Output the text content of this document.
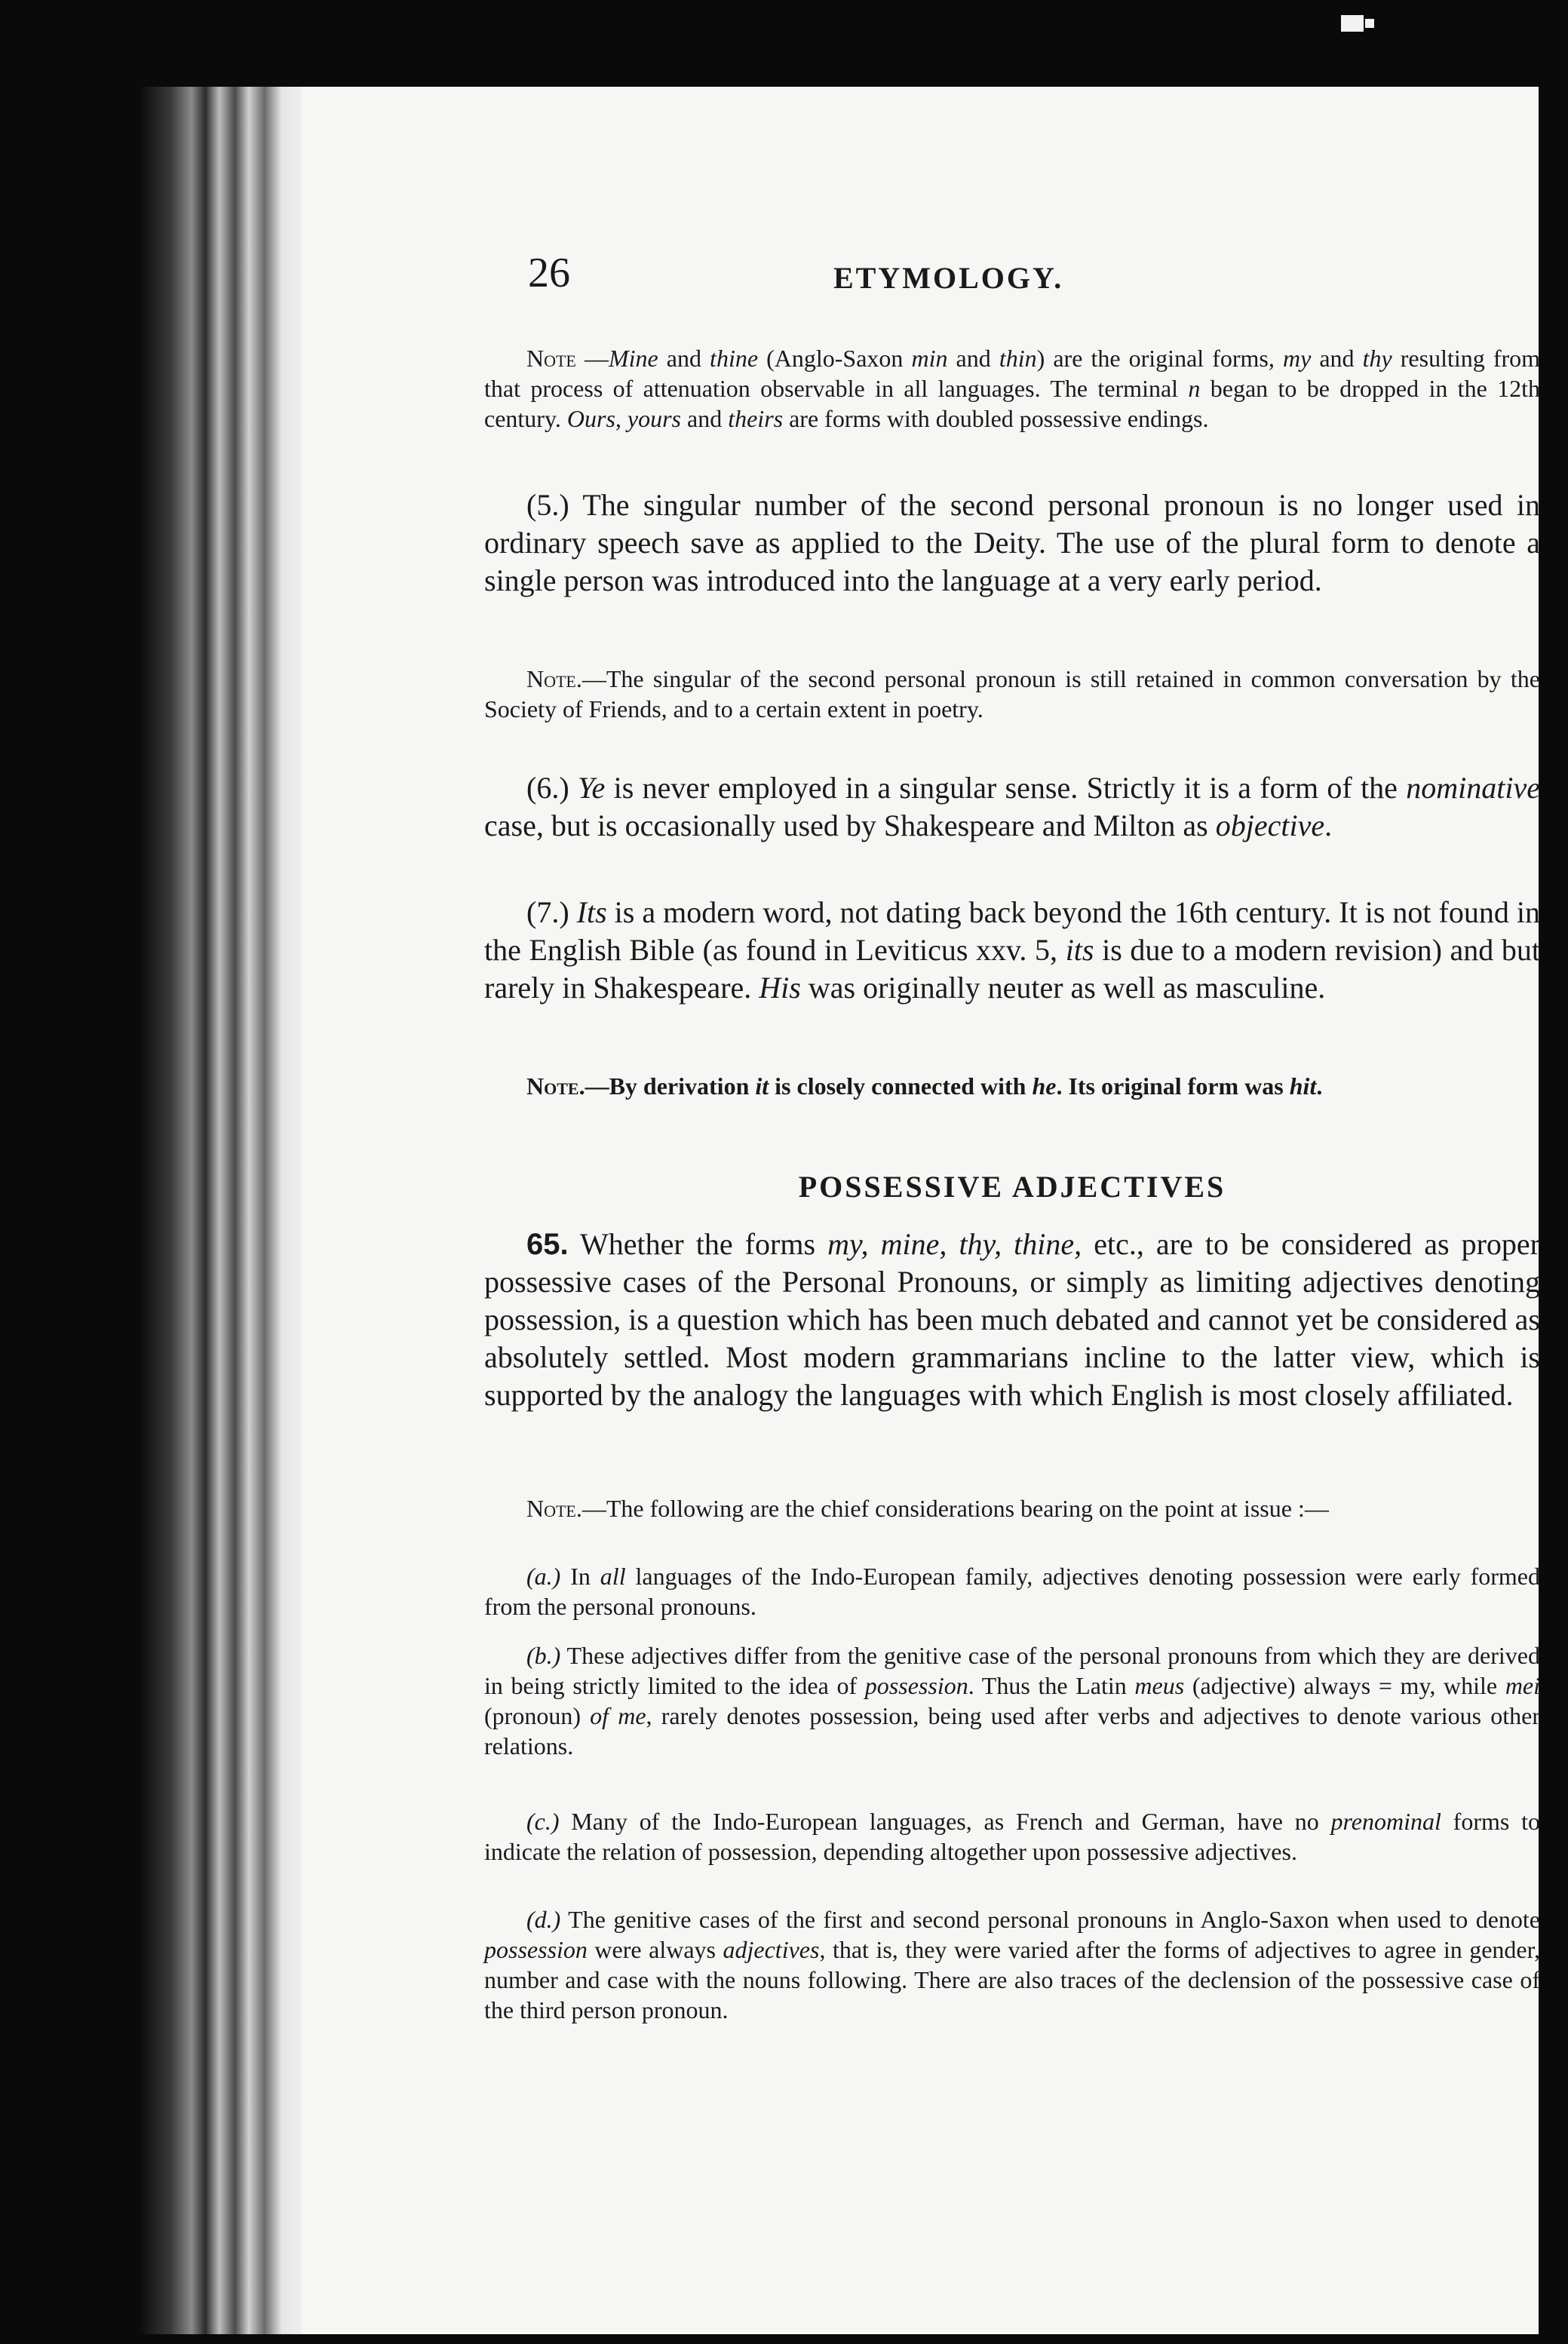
26	ETYMOLOGY.

Note —Mine and thine (Anglo-Saxon min and thin) are the original forms, my and thy resulting from that process of attenuation observable in all languages. The terminal n began to be dropped in the 12th century. Ours, yours and theirs are forms with doubled possessive endings.

(5.) The singular number of the second personal pronoun is no longer used in ordinary speech save as applied to the Deity. The use of the plural form to denote a single person was introduced into the language at a very early period.

Note.—The singular of the second personal pronoun is still retained in common conversation by the Society of Friends, and to a certain extent in poetry.

(6.) Ye is never employed in a singular sense. Strictly it is a form of the nominative case, but is occasionally used by Shakespeare and Milton as objective.

(7.) Its is a modern word, not dating back beyond the 16th century. It is not found in the English Bible (as found in Leviticus xxv. 5, its is due to a modern revision) and but rarely in Shakespeare. His was originally neuter as well as masculine.

Note.—By derivation it is closely connected with he. Its original form was hit.

POSSESSIVE ADJECTIVES

65. Whether the forms my, mine, thy, thine, etc., are to be considered as proper possessive cases of the Personal Pronouns, or simply as limiting adjectives denoting possession, is a question which has been much debated and cannot yet be considered as absolutely settled. Most modern grammarians incline to the latter view, which is supported by the analogy the languages with which English is most closely affiliated.

Note.—The following are the chief considerations bearing on the point at issue :—

(a.) In all languages of the Indo-European family, adjectives denoting possession were early formed from the personal pronouns.

(b.) These adjectives differ from the genitive case of the personal pronouns from which they are derived in being strictly limited to the idea of possession. Thus the Latin meus (adjective) always = my, while mei (pronoun) of me, rarely denotes possession, being used after verbs and adjectives to denote various other relations.

(c.) Many of the Indo-European languages, as French and German, have no prenominal forms to indicate the relation of possession, depending altogether upon possessive adjectives.

(d.) The genitive cases of the first and second personal pronouns in Anglo-Saxon when used to denote possession were always adjectives, that is, they were varied after the forms of adjectives to agree in gender, number and case with the nouns following. There are also traces of the declension of the possessive case of the third person pronoun.
